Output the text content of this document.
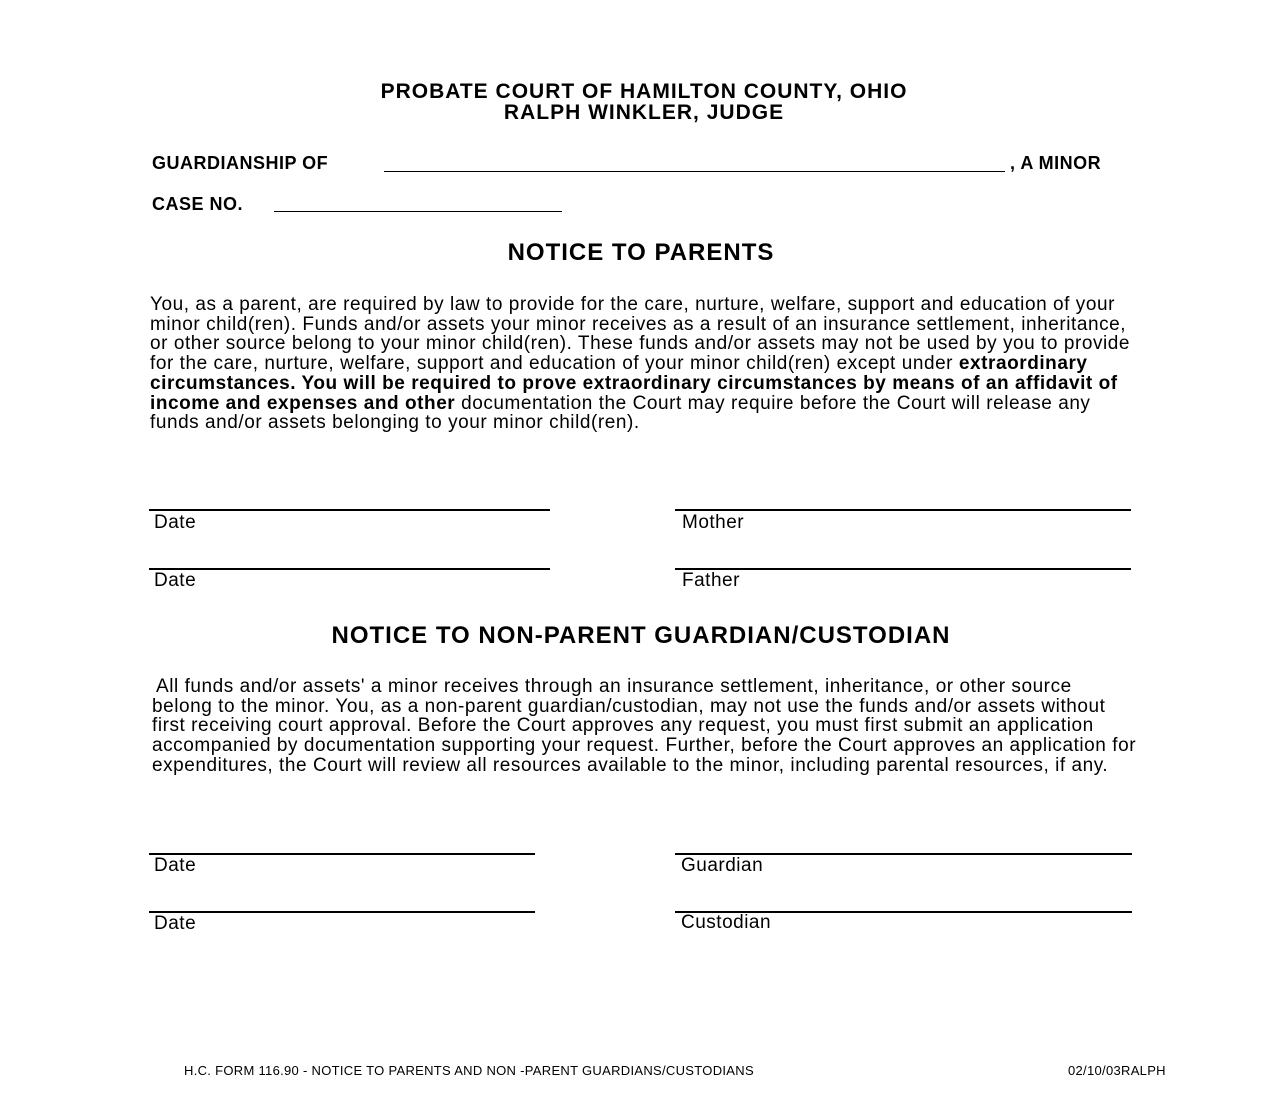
PROBATE COURT OF HAMILTON COUNTY, OHIO
RALPH WINKLER, JUDGE
GUARDIANSHIP OF	, A MINOR
CASE NO.
NOTICE TO PARENTS
You, as a parent, are required by law to provide for the care, nurture, welfare, support and education of your minor child(ren). Funds and/or assets your minor receives as a result of an insurance settlement, inheritance, or other source belong to your minor child(ren). These funds and/or assets may not be used by you to provide for the care, nurture, welfare, support and education of your minor child(ren) except under extraordinary circumstances. You will be required to prove extraordinary circumstances by means of an affidavit of income and expenses and other documentation the Court may require before the Court will release any funds and/or assets belonging to your minor child(ren).
Date	Mother
Date	Father
NOTICE TO NON-PARENT GUARDIAN/CUSTODIAN
All funds and/or assets' a minor receives through an insurance settlement, inheritance, or other source belong to the minor. You, as a non-parent guardian/custodian, may not use the funds and/or assets without first receiving court approval. Before the Court approves any request, you must first submit an application accompanied by documentation supporting your request. Further, before the Court approves an application for expenditures, the Court will review all resources available to the minor, including parental resources, if any.
Date	Guardian
Date	Custodian
H.C. FORM 116.90 - NOTICE TO PARENTS AND NON -PARENT GUARDIANS/CUSTODIANS	02/10/03RALPH
